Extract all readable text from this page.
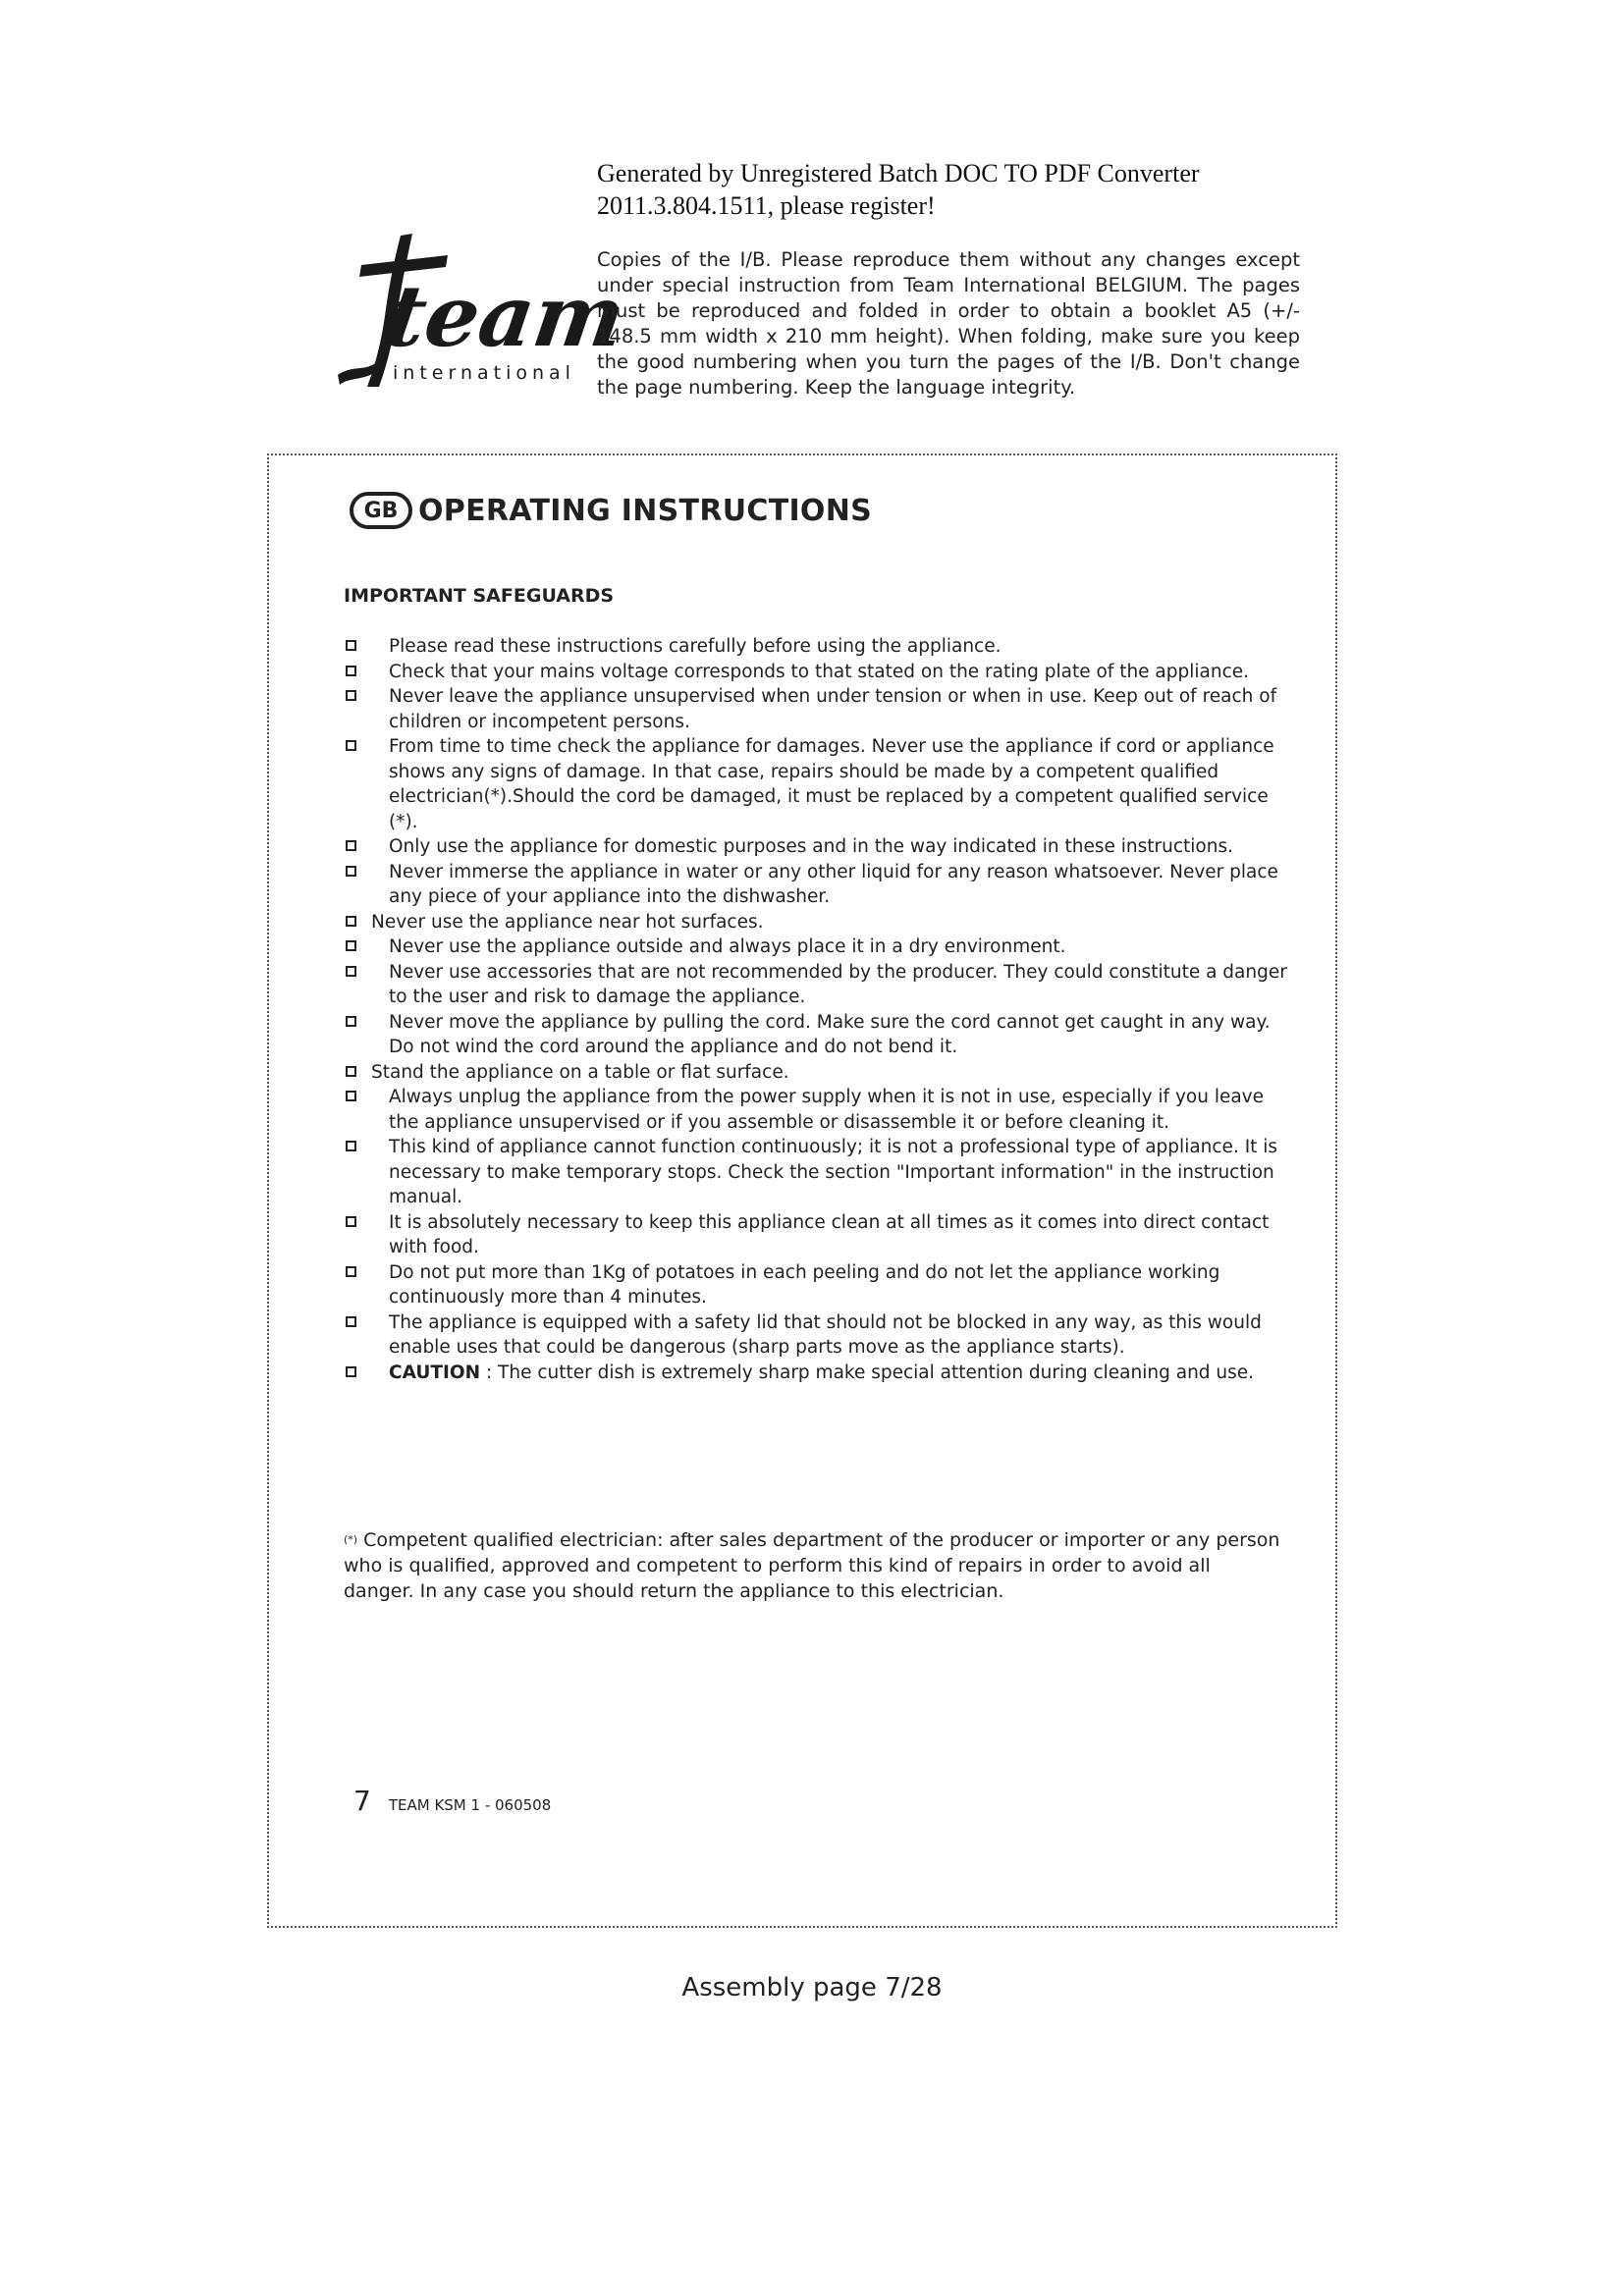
Generated by Unregistered Batch DOC TO PDF Converter
2011.3.804.1511, please register!
team
international
Copies of the I/B. Please reproduce them without any changes except under special instruction from Team International BELGIUM. The pages must be reproduced and folded in order to obtain a booklet A5 (+/- 148.5 mm width x 210 mm height). When folding, make sure you keep the good numbering when you turn the pages of the I/B. Don't change the page numbering. Keep the language integrity.
GB OPERATING INSTRUCTIONS
IMPORTANT SAFEGUARDS
Please read these instructions carefully before using the appliance.
Check that your mains voltage corresponds to that stated on the rating plate of the appliance.
Never leave the appliance unsupervised when under tension or when in use. Keep out of reach of children or incompetent persons.
From time to time check the appliance for damages. Never use the appliance if cord or appliance shows any signs of damage. In that case, repairs should be made by a competent qualified electrician(*).Should the cord be damaged, it must be replaced by a competent qualified service (*).
Only use the appliance for domestic purposes and in the way indicated in these instructions.
Never immerse the appliance in water or any other liquid for any reason whatsoever. Never place any piece of your appliance into the dishwasher.
Never use the appliance near hot surfaces.
Never use the appliance outside and always place it in a dry environment.
Never use accessories that are not recommended by the producer. They could constitute a danger to the user and risk to damage the appliance.
Never move the appliance by pulling the cord. Make sure the cord cannot get caught in any way. Do not wind the cord around the appliance and do not bend it.
Stand the appliance on a table or flat surface.
Always unplug the appliance from the power supply when it is not in use, especially if you leave the appliance unsupervised or if you assemble or disassemble it or before cleaning it.
This kind of appliance cannot function continuously; it is not a professional type of appliance. It is necessary to make temporary stops. Check the section "Important information" in the instruction manual.
It is absolutely necessary to keep this appliance clean at all times as it comes into direct contact with food.
Do not put more than 1Kg of potatoes in each peeling and do not let the appliance working continuously more than 4 minutes.
The appliance is equipped with a safety lid that should not be blocked in any way, as this would enable uses that could be dangerous (sharp parts move as the appliance starts).
CAUTION : The cutter dish is extremely sharp make special attention during cleaning and use.
(*) Competent qualified electrician: after sales department of the producer or importer or any person who is qualified, approved and competent to perform this kind of repairs in order to avoid all danger. In any case you should return the appliance to this electrician.
7 TEAM KSM 1 - 060508
Assembly page 7/28
